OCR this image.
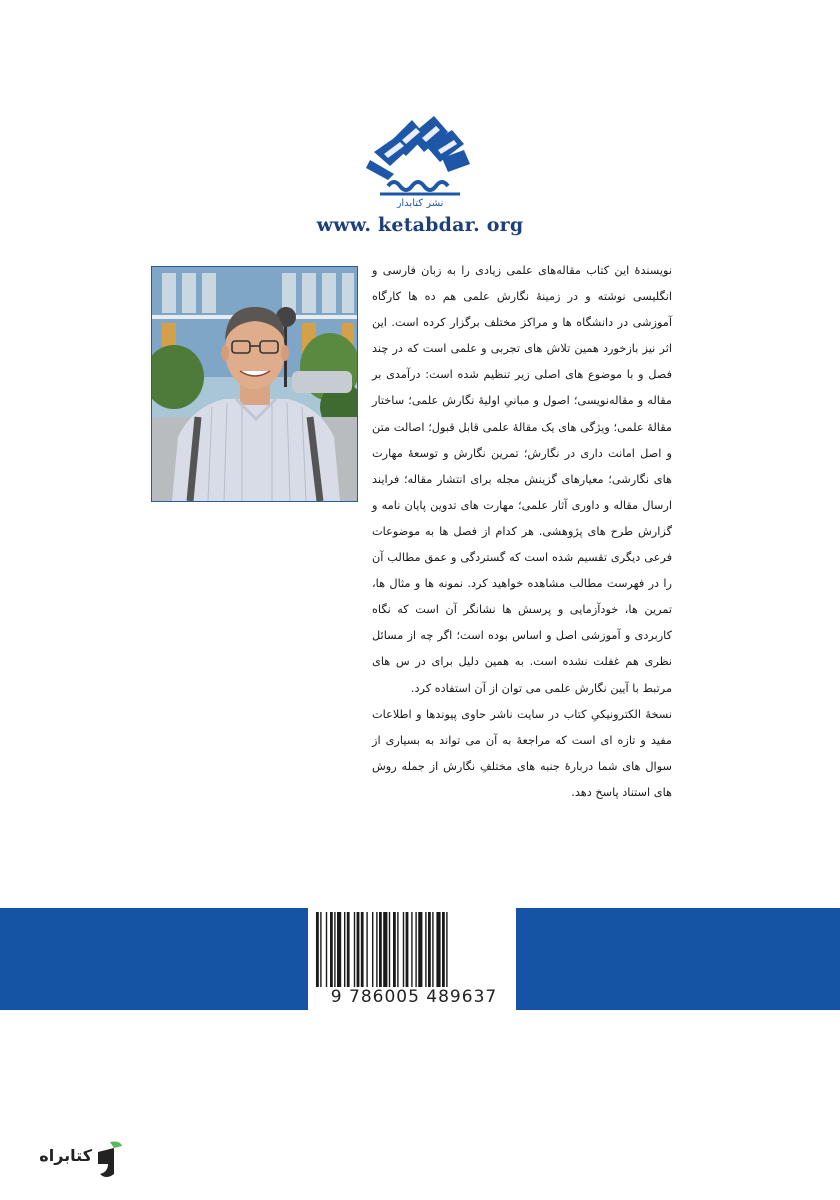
نشر کتابدار
www. ketabdar. org

نویسندهٔ این کتاب مقاله‌های علمی زیادی را به زبان فارسی و انگلیسی نوشته و در زمینهٔ نگارش علمی هم ده ها کارگاه آموزشی در دانشگاه ها و مراکز مختلف برگزار کرده است. این اثر نیز بازخورد همین تلاش های تجربی و علمی است که در چند فصل و با موضوع های اصلی زیر تنظیم شده است: درآمدی بر مقاله و مقاله‌نویسی؛ اصول و مبانیِ اولیهٔ نگارش علمی؛ ساختار مقالهٔ علمی؛ ویژگی های یک مقالهٔ علمی قابل قبول؛ اصالت متن و اصل امانت داری در نگارش؛ تمرین نگارش و توسعهٔ مهارت های نگارشی؛ معیارهای گزینش مجله برای انتشار مقاله؛ فرایند ارسال مقاله و داوری آثار علمی؛ مهارت های تدوین پایان نامه و گزارش طرح های پژوهشی. هر کدام از فصل ها به موضوعات فرعی دیگری تقسیم شده است که گستردگی و عمق مطالب آن را در فهرست مطالب مشاهده خواهید کرد. نمونه ها و مثال ها، تمرین ها، خودآزمایی و پرسش ها نشانگر آن است که نگاه کاربردی و آموزشی اصل و اساس بوده است؛ اگر چه از مسائل نظری هم غفلت نشده است. به همین دلیل برای در س های مرتبط با آیین نگارش علمی می توان از آن استفاده کرد.

نسخهٔ الکترونیکیِ کتاب در سایت ناشر حاوی پیوندها و اطلاعات مفید و تازه ای است که مراجعهٔ به آن می تواند به بسیاری از سوال های شما دربارهٔ جنبه های مختلفِ نگارش از جمله روش های استناد پاسخ دهد.

9 786005 489637
کتابراه
